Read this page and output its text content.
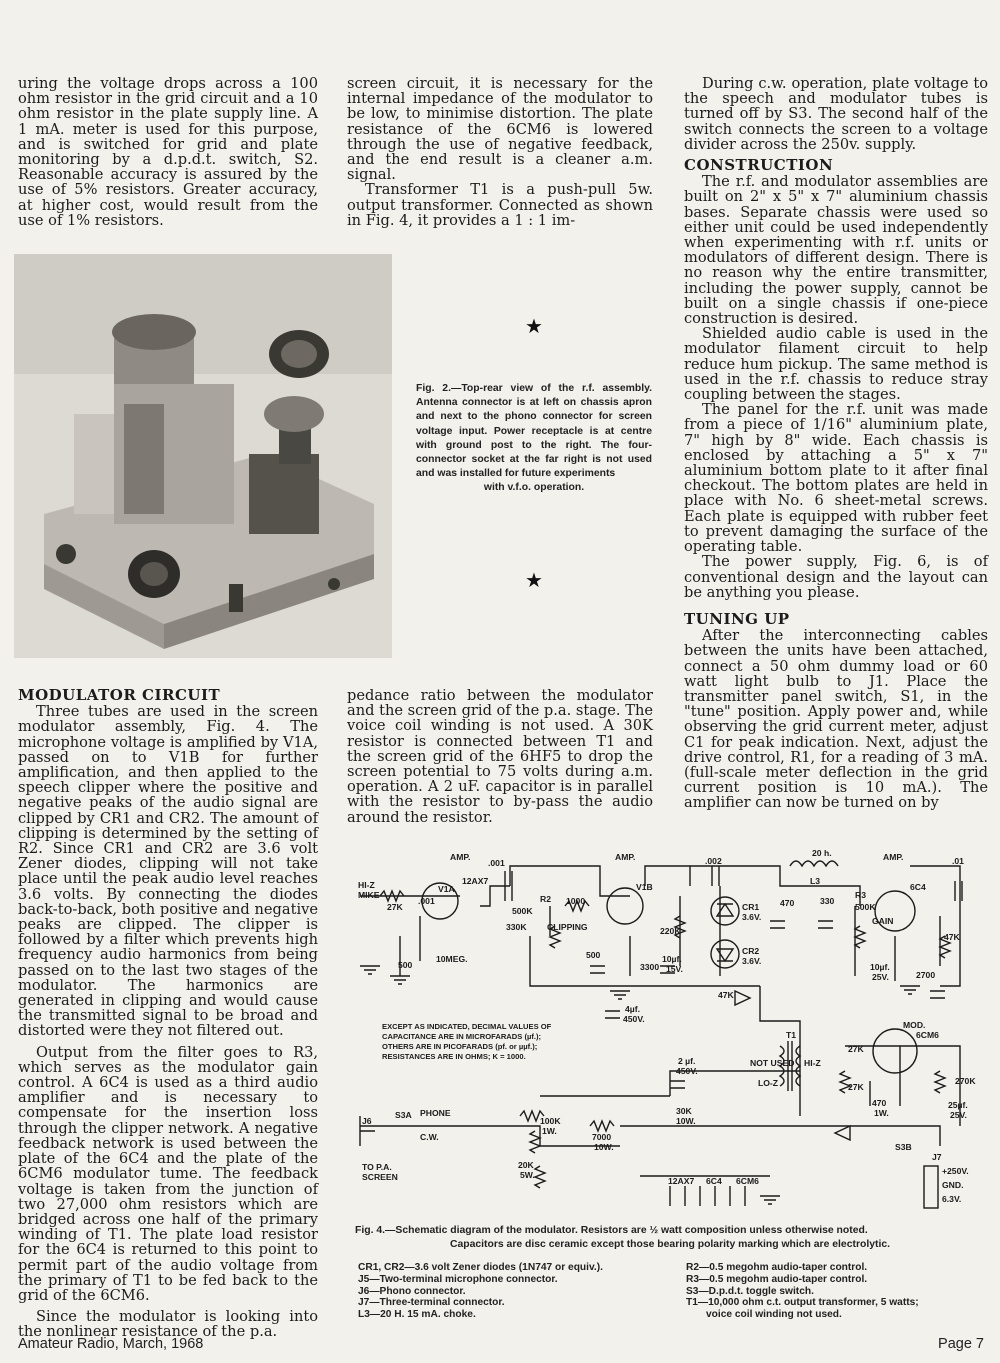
uring the voltage drops across a 100 ohm resistor in the grid circuit and a 10 ohm resistor in the plate supply line. A 1 mA. meter is used for this purpose, and is switched for grid and plate monitoring by a d.p.d.t. switch, S2. Reasonable accuracy is assured by the use of 5% resistors. Greater accuracy, at higher cost, would result from the use of 1% resistors.

screen circuit, it is necessary for the internal impedance of the modulator to be low, to minimise distortion. The plate resistance of the 6CM6 is lowered through the use of negative feedback, and the end result is a cleaner a.m. signal.

Transformer T1 is a push-pull 5w. output transformer. Connected as shown in Fig. 4, it provides a 1 : 1 im-

During c.w. operation, plate voltage to the speech and modulator tubes is turned off by S3. The second half of the switch connects the screen to a voltage divider across the 250v. supply.

CONSTRUCTION

The r.f. and modulator assemblies are built on 2" x 5" x 7" aluminium chassis bases. Separate chassis were used so either unit could be used independently when experimenting with r.f. units or modulators of different design. There is no reason why the entire transmitter, including the power supply, cannot be built on a single chassis if one-piece construction is desired.

Shielded audio cable is used in the modulator filament circuit to help reduce hum pickup. The same method is used in the r.f. chassis to reduce stray coupling between the stages.

The panel for the r.f. unit was made from a piece of 1/16" aluminium plate, 7" high by 8" wide. Each chassis is enclosed by attaching a 5" x 7" aluminium bottom plate to it after final checkout. The bottom plates are held in place with No. 6 sheet-metal screws. Each plate is equipped with rubber feet to prevent damaging the surface of the operating table.

The power supply, Fig. 6, is of conventional design and the layout can be anything you please.

TUNING UP

After the interconnecting cables between the units have been attached, connect a 50 ohm dummy load or 60 watt light bulb to J1. Place the transmitter panel switch, S1, in the "tune" position. Apply power and, while observing the grid current meter, adjust C1 for peak indication. Next, adjust the drive control, R1, for a reading of 3 mA. (full-scale meter deflection in the grid current position is 10 mA.). The amplifier can now be turned on by

★
★
Fig. 2.—Top-rear view of the r.f. assembly. Antenna connector is at left on chassis apron and next to the phono connector for screen voltage input. Power receptacle is at centre with ground post to the right. The four-connector socket at the far right is not used and was installed for future experiments
with v.f.o. operation.
MODULATOR CIRCUIT

Three tubes are used in the screen modulator assembly, Fig. 4. The microphone voltage is amplified by V1A, passed on to V1B for further amplification, and then applied to the speech clipper where the positive and negative peaks of the audio signal are clipped by CR1 and CR2. The amount of clipping is determined by the setting of R2. Since CR1 and CR2 are 3.6 volt Zener diodes, clipping will not take place until the peak audio level reaches 3.6 volts. By connecting the diodes back-to-back, both positive and negative peaks are clipped. The clipper is followed by a filter which prevents high frequency audio harmonics from being passed on to the last two stages of the modulator. The harmonics are generated in clipping and would cause the transmitted signal to be broad and distorted were they not filtered out.

Output from the filter goes to R3, which serves as the modulator gain control. A 6C4 is used as a third audio amplifier and is necessary to compensate for the insertion loss through the clipper network. A negative feedback network is used between the plate of the 6C4 and the plate of the 6CM6 modulator tume. The feedback voltage is taken from the junction of two 27,000 ohm resistors which are bridged across one half of the primary winding of T1. The plate load resistor for the 6C4 is returned to this point to permit part of the audio voltage from the primary of T1 to be fed back to the grid of the 6CM6.

Since the modulator is looking into the nonlinear resistance of the p.a.

pedance ratio between the modulator and the screen grid of the p.a. stage. The voice coil winding is not used. A 30K resistor is connected between T1 and the screen grid of the 6HF5 to drop the screen potential to 75 volts during a.m. operation. A 2 uF. capacitor is in parallel with the resistor to by-pass the audio around the resistor.

AMP.	AMP.	AMP.
MOD.
HI-Z
MIKE
V1A
12AX7
V1B	6C4
6CM6
CLIPPING
GAIN
CR1
3.6V.
CR2
3.6V.
20 h.
27K
.001
.001
.002	.01
500K	500K
1000
330K	220K
500
500
10MEG.
3300
10µf.
15V.
470	330
47K
47K
2700
10µf.
25V.
4µf.
450V.
2 µf.
450V.
30K
10W.
100K
1W.
7000
10W.
20K
5W.
270K
25µf.
25V.
470
1W.
27K
27K
HI-Z
NOT USED
LO-Z
PHONE
C.W.
TO P.A.
SCREEN
+250V.
GND.
6.3V.
12AX7 6C4 6CM6
J6
J7
S3A
S3B
T1
L3
R2	R3
EXCEPT AS INDICATED, DECIMAL VALUES OF
CAPACITANCE ARE IN MICROFARADS (µf.);
OTHERS ARE IN PICOFARADS (pf. or µµf.);
RESISTANCES ARE IN OHMS; K = 1000.
Fig. 4.—Schematic diagram of the modulator. Resistors are ½ watt composition unless otherwise noted.
Capacitors are disc ceramic except those bearing polarity marking which are electrolytic.
CR1, CR2—3.6 volt Zener diodes (1N747 or equiv.).
J5—Two-terminal microphone connector.
J6—Phono connector.
J7—Three-terminal connector.
L3—20 H. 15 mA. choke.
R2—0.5 megohm audio-taper control.
R3—0.5 megohm audio-taper control.
S3—D.p.d.t. toggle switch.
T1—10,000 ohm c.t. output transformer, 5 watts;
voice coil winding not used.
Amateur Radio, March, 1968	Page 7
